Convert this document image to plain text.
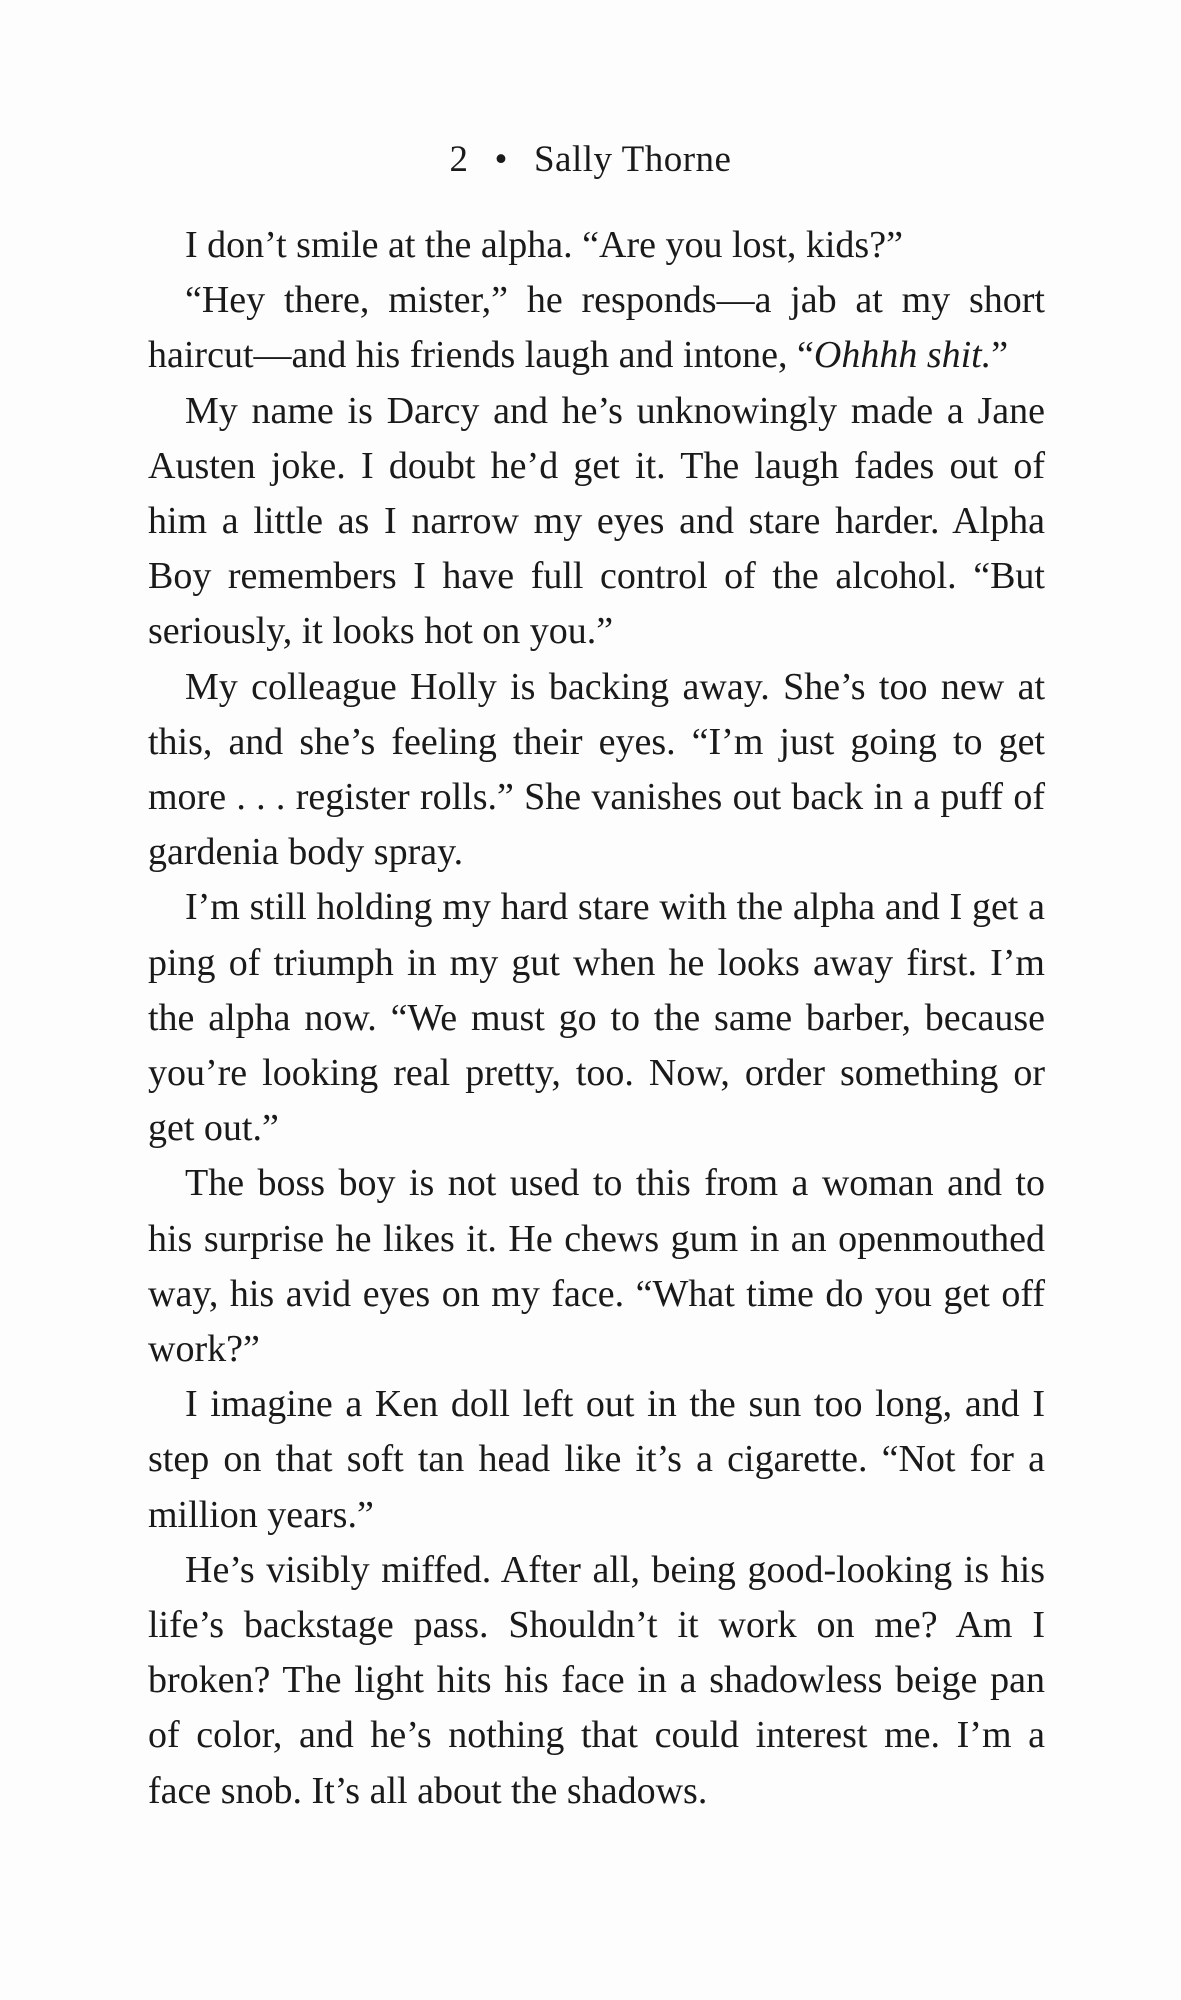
2 • Sally Thorne

I don’t smile at the alpha. “Are you lost, kids?”

“Hey there, mister,” he responds—a jab at my short haircut—and his friends laugh and intone, “Ohhhh shit.”

My name is Darcy and he’s unknowingly made a Jane Austen joke. I doubt he’d get it. The laugh fades out of him a little as I narrow my eyes and stare harder. Alpha Boy remembers I have full control of the alcohol. “But seriously, it looks hot on you.”

My colleague Holly is backing away. She’s too new at this, and she’s feeling their eyes. “I’m just going to get more . . . register rolls.” She vanishes out back in a puff of gardenia body spray.

I’m still holding my hard stare with the alpha and I get a ping of triumph in my gut when he looks away first. I’m the alpha now. “We must go to the same barber, because you’re looking real pretty, too. Now, order something or get out.”

The boss boy is not used to this from a woman and to his surprise he likes it. He chews gum in an openmouthed way, his avid eyes on my face. “What time do you get off work?”

I imagine a Ken doll left out in the sun too long, and I step on that soft tan head like it’s a cigarette. “Not for a million years.”

He’s visibly miffed. After all, being good-looking is his life’s backstage pass. Shouldn’t it work on me? Am I broken? The light hits his face in a shadowless beige pan of color, and he’s nothing that could interest me. I’m a face snob. It’s all about the shadows.
